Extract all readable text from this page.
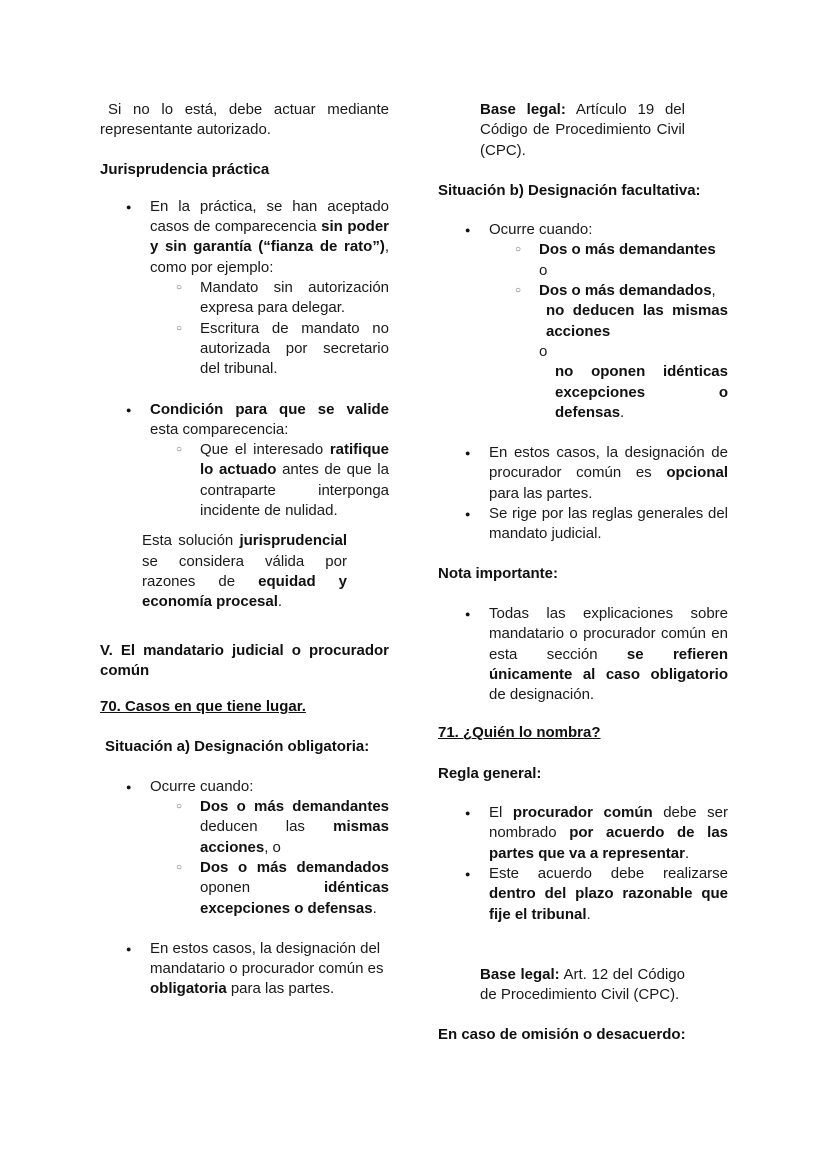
Si no lo está, debe actuar mediante
representante autorizado.

Jurisprudencia práctica

● En la práctica, se han aceptado casos de comparecencia sin poder y sin garantía (“fianza de rato”), como por ejemplo:
○ Mandato sin autorización expresa para delegar.
○ Escritura de mandato no autorizada por secretario del tribunal.
● Condición para que se valide esta comparecencia:
○ Que el interesado ratifique lo actuado antes de que la contraparte interponga incidente de nulidad.

Esta solución jurisprudencial se considera válida por razones de equidad y economía procesal.

V. El mandatario judicial o procurador común

70. Casos en que tiene lugar.

Situación a) Designación obligatoria:

● Ocurre cuando:
○ Dos o más demandantes deducen las mismas acciones, o
○ Dos o más demandados oponen idénticas excepciones o defensas.
● En estos casos, la designación del mandatario o procurador común es obligatoria para las partes.

Base legal: Artículo 19 del Código de Procedimiento Civil (CPC).

Situación b) Designación facultativa:

● Ocurre cuando:
○ Dos o más demandantes
o
○ Dos o más demandados,
no deducen las mismas acciones
o
no oponen idénticas excepciones o defensas.
● En estos casos, la designación de procurador común es opcional para las partes.
● Se rige por las reglas generales del mandato judicial.

Nota importante:

● Todas las explicaciones sobre mandatario o procurador común en esta sección se refieren únicamente al caso obligatorio de designación.

71. ¿Quién lo nombra?

Regla general:

● El procurador común debe ser nombrado por acuerdo de las partes que va a representar.
● Este acuerdo debe realizarse dentro del plazo razonable que fije el tribunal.

Base legal: Art. 12 del Código de Procedimiento Civil (CPC).

En caso de omisión o desacuerdo:
